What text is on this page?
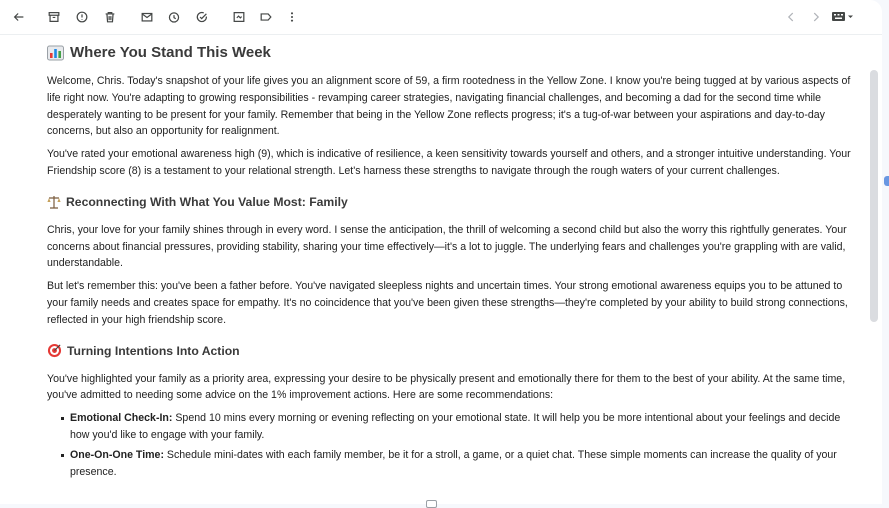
Where You Stand This Week

Welcome, Chris. Today's snapshot of your life gives you an alignment score of 59, a firm rootedness in the Yellow Zone. I know you're being tugged at by various aspects of life right now. You're adapting to growing responsibilities - revamping career strategies, navigating financial challenges, and becoming a dad for the second time while desperately wanting to be present for your family. Remember that being in the Yellow Zone reflects progress; it's a tug-of-war between your aspirations and day-to-day concerns, but also an opportunity for realignment.

You've rated your emotional awareness high (9), which is indicative of resilience, a keen sensitivity towards yourself and others, and a stronger intuitive understanding. Your Friendship score (8) is a testament to your relational strength. Let's harness these strengths to navigate through the rough waters of your current challenges.

Reconnecting With What You Value Most: Family

Chris, your love for your family shines through in every word. I sense the anticipation, the thrill of welcoming a second child but also the worry this rightfully generates. Your concerns about financial pressures, providing stability, sharing your time effectively—it's a lot to juggle. The underlying fears and challenges you're grappling with are valid, understandable.

But let's remember this: you've been a father before. You've navigated sleepless nights and uncertain times. Your strong emotional awareness equips you to be attuned to your family needs and creates space for empathy. It's no coincidence that you've been given these strengths—they're completed by your ability to build strong connections, reflected in your high friendship score.

Turning Intentions Into Action

You've highlighted your family as a priority area, expressing your desire to be physically present and emotionally there for them to the best of your ability. At the same time, you've admitted to needing some advice on the 1% improvement actions. Here are some recommendations:

Emotional Check-In: Spend 10 mins every morning or evening reflecting on your emotional state. It will help you be more intentional about your feelings and decide how you'd like to engage with your family.
One-On-One Time: Schedule mini-dates with each family member, be it for a stroll, a game, or a quiet chat. These simple moments can increase the quality of your presence.
